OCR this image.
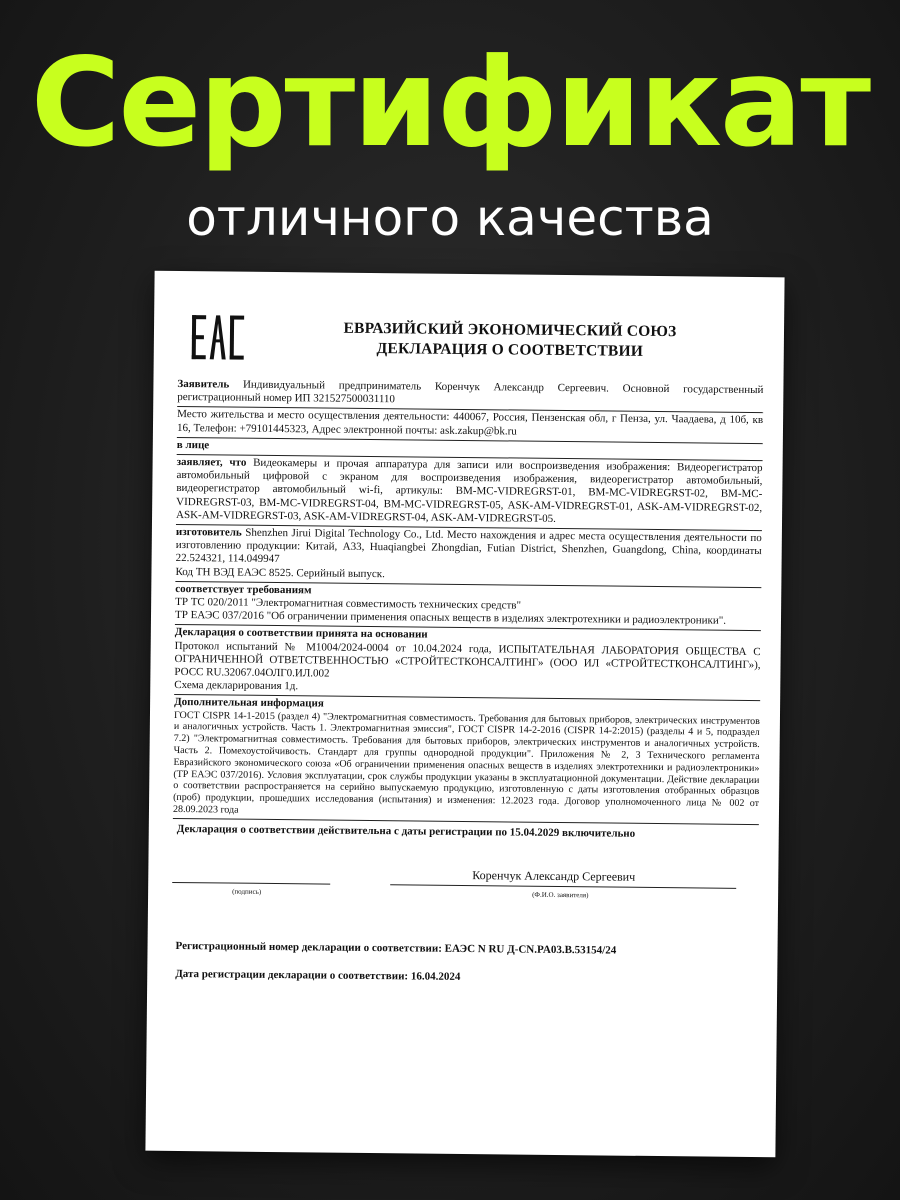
Сертификат
отличного качества
ЕВРАЗИЙСКИЙ ЭКОНОМИЧЕСКИЙ СОЮЗ
ДЕКЛАРАЦИЯ О СООТВЕТСТВИИ
Заявитель Индивидуальный предприниматель Коренчук Александр Сергеевич. Основной государственный регистрационный номер ИП 321527500031110
Место жительства и место осуществления деятельности: 440067, Россия, Пензенская обл, г Пенза, ул. Чаадаева, д 10б, кв 16, Телефон: +79101445323, Адрес электронной почты: ask.zakup@bk.ru
в лице
заявляет, что Видеокамеры и прочая аппаратура для записи или воспроизведения изображения: Видеорегистратор автомобильный цифровой с экраном для воспроизведения изображения, видеорегистратор автомобильный, видеорегистратор автомобильный wi-fi, артикулы: BM-MC-VIDREGRST-01, BM-MC-VIDREGRST-02, BM-MC-VIDREGRST-03, BM-MC-VIDREGRST-04, BM-MC-VIDREGRST-05, ASK-AM-VIDREGRST-01, ASK-AM-VIDREGRST-02, ASK-AM-VIDREGRST-03, ASK-AM-VIDREGRST-04, ASK-AM-VIDREGRST-05.
изготовитель Shenzhen Jirui Digital Technology Co., Ltd. Место нахождения и адрес места осуществления деятельности по изготовлению продукции: Китай, A33, Huaqiangbei Zhongdian, Futian District, Shenzhen, Guangdong, China, координаты 22.524321, 114.049947
Код ТН ВЭД ЕАЭС 8525. Серийный выпуск.
соответствует требованиям
ТР ТС 020/2011 "Электромагнитная совместимость технических средств"
ТР ЕАЭС 037/2016 "Об ограничении применения опасных веществ в изделиях электротехники и радиоэлектроники".
Декларация о соответствии принята на основании
Протокол испытаний № М1004/2024-0004 от 10.04.2024 года, ИСПЫТАТЕЛЬНАЯ ЛАБОРАТОРИЯ ОБЩЕСТВА С ОГРАНИЧЕННОЙ ОТВЕТСТВЕННОСТЬЮ «СТРОЙТЕСТКОНСАЛТИНГ» (ООО ИЛ «СТРОЙТЕСТКОНСАЛТИНГ»), РОСС RU.32067.04ОЛГ0.ИЛ.002
Схема декларирования 1д.
Дополнительная информация
ГОСТ CISPR 14-1-2015 (раздел 4) "Электромагнитная совместимость. Требования для бытовых приборов, электрических инструментов и аналогичных устройств. Часть 1. Электромагнитная эмиссия", ГОСТ CISPR 14-2-2016 (CISPR 14-2:2015) (разделы 4 и 5, подраздел 7.2) "Электромагнитная совместимость. Требования для бытовых приборов, электрических инструментов и аналогичных устройств. Часть 2. Помехоустойчивость. Стандарт для группы однородной продукции". Приложения № 2, 3 Технического регламента Евразийского экономического союза «Об ограничении применения опасных веществ в изделиях электротехники и радиоэлектроники» (ТР ЕАЭС 037/2016). Условия эксплуатации, срок службы продукции указаны в эксплуатационной документации. Действие декларации о соответствии распространяется на серийно выпускаемую продукцию, изготовленную с даты изготовления отобранных образцов (проб) продукции, прошедших исследования (испытания) и изменения: 12.2023 года. Договор уполномоченного лица № 002 от 28.09.2023 года
Декларация о соответствии действительна с даты регистрации по 15.04.2029 включительно
(подпись)
Коренчук Александр Сергеевич
(Ф.И.О. заявителя)
Регистрационный номер декларации о соответствии: ЕАЭС N RU Д-CN.PA03.B.53154/24
Дата регистрации декларации о соответствии: 16.04.2024
